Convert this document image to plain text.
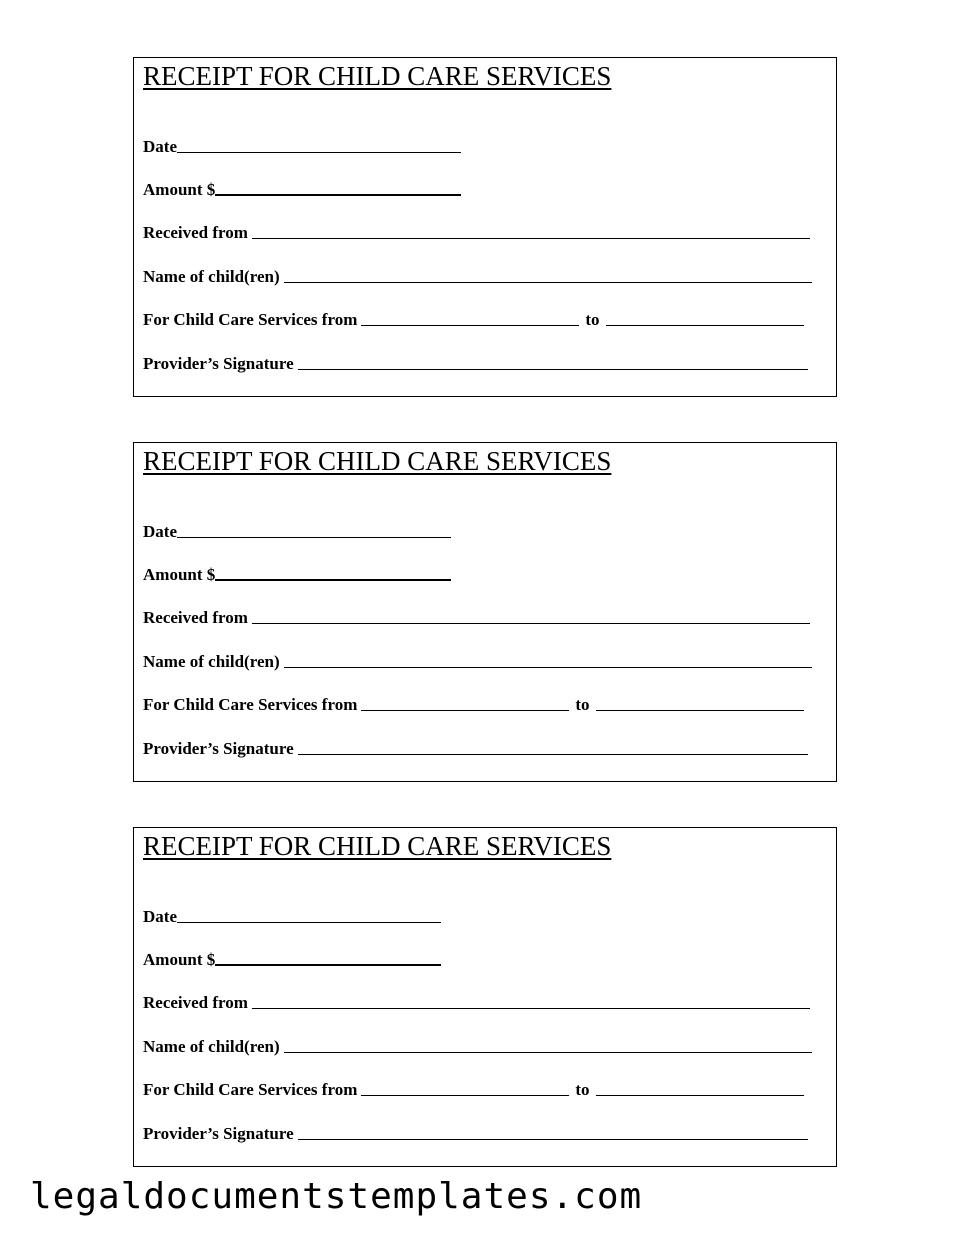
RECEIPT FOR CHILD CARE SERVICES
Date
Amount $
Received from
Name of child(ren)
For Child Care Services from	to
Provider’s Signature
RECEIPT FOR CHILD CARE SERVICES
Date
Amount $
Received from
Name of child(ren)
For Child Care Services from	to
Provider’s Signature
RECEIPT FOR CHILD CARE SERVICES
Date
Amount $
Received from
Name of child(ren)
For Child Care Services from	to
Provider’s Signature
legaldocumentstemplates.com
